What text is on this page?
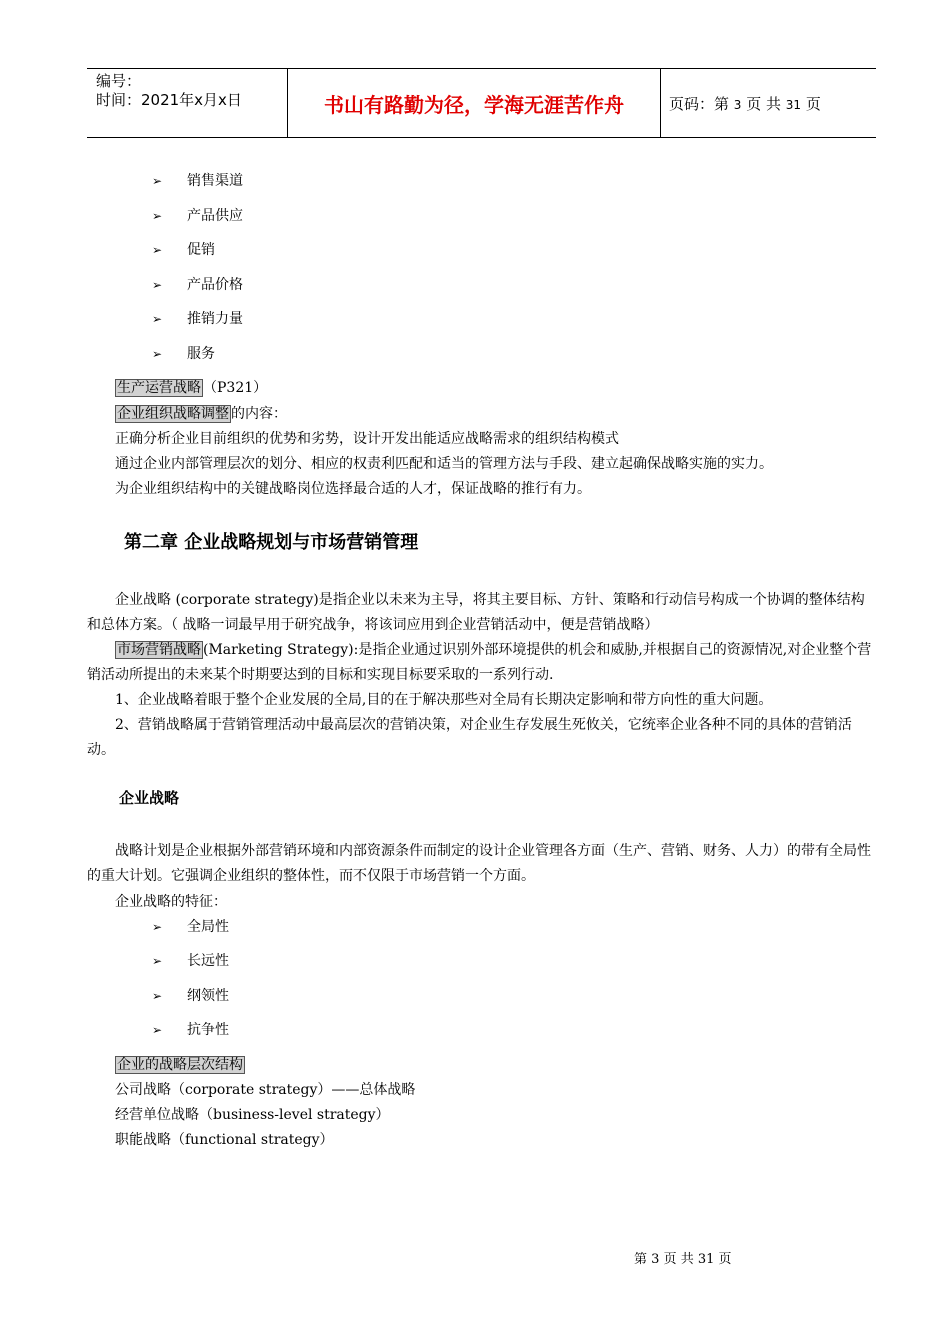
编号：
时间：2021年x月x日	书山有路勤为径，学海无涯苦作舟	页码：第 3 页 共 31 页
➢ 销售渠道
➢ 产品供应
➢ 促销
➢ 产品价格
➢ 推销力量
➢ 服务
生产运营战略 （P321）
企业组织战略调整 的内容：
正确分析企业目前组织的优势和劣势，设计开发出能适应战略需求的组织结构模式
通过企业内部管理层次的划分、相应的权责利匹配和适当的管理方法与手段、建立起确保战略实施的实力。
为企业组织结构中的关键战略岗位选择最合适的人才，保证战略的推行有力。
第二章 企业战略规划与市场营销管理
企业战略 (corporate strategy)是指企业以未来为主导，将其主要目标、方针、策略和行动信号构成一个协调的整体结构和总体方案。（ 战略一词最早用于研究战争，将该词应用到企业营销活动中，便是营销战略）
市场营销战略 (Marketing Strategy):是指企业通过识别外部环境提供的机会和威胁,并根据自己的资源情况,对企业整个营销活动所提出的未来某个时期要达到的目标和实现目标要采取的一系列行动.
1、企业战略着眼于整个企业发展的全局,目的在于解决那些对全局有长期决定影响和带方向性的重大问题。
2、营销战略属于营销管理活动中最高层次的营销决策，对企业生存发展生死攸关，它统率企业各种不同的具体的营销活动。
企业战略
战略计划是企业根据外部营销环境和内部资源条件而制定的设计企业管理各方面（生产、营销、财务、人力）的带有全局性的重大计划。它强调企业组织的整体性，而不仅限于市场营销一个方面。
企业战略的特征：
➢ 全局性
➢ 长远性
➢ 纲领性
➢ 抗争性
企业的战略层次结构
公司战略（corporate strategy）——总体战略
经营单位战略（business-level strategy）
职能战略（functional strategy）
第 3 页 共 31 页
